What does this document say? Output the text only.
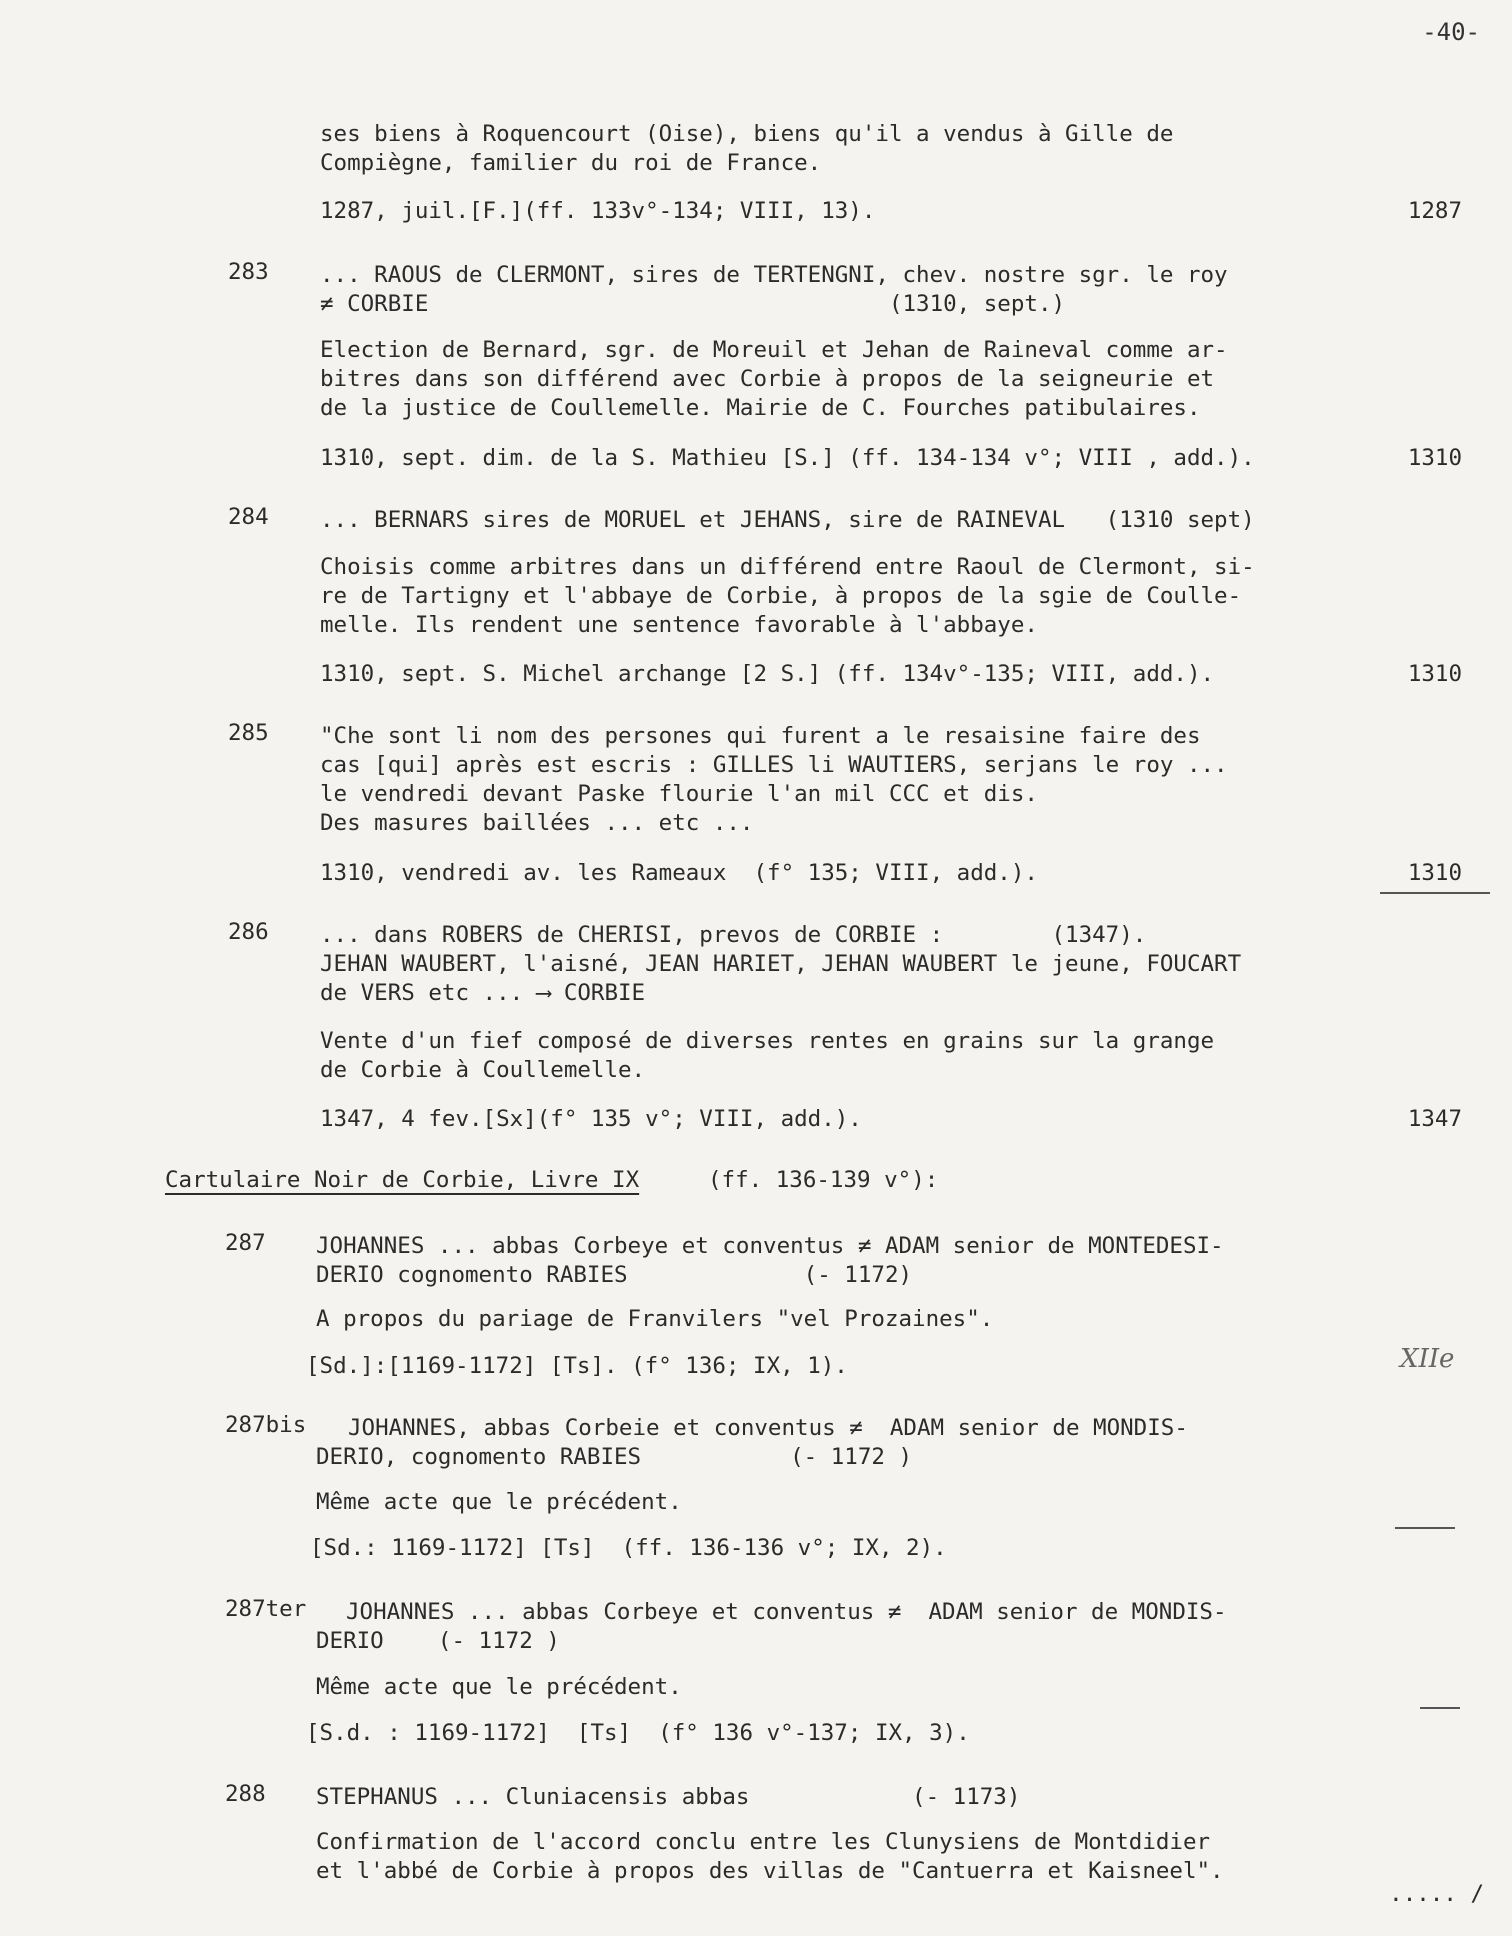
-40-
ses biens à Roquencourt (Oise), biens qu'il a vendus à Gille de
Compiègne, familier du roi de France.
1287, juil.[F.](ff. 133v°-134; VIII, 13).	1287
283 ... RAOUS de CLERMONT, sires de TERTENGNI, chev. nostre sgr. le roy
≠ CORBIE                                  (1310, sept.)
Election de Bernard, sgr. de Moreuil et Jehan de Raineval comme ar-
bitres dans son différend avec Corbie à propos de la seigneurie et
de la justice de Coullemelle. Mairie de C. Fourches patibulaires.
1310, sept. dim. de la S. Mathieu [S.] (ff. 134-134 v°; VIII , add.).	1310
284 ... BERNARS sires de MORUEL et JEHANS, sire de RAINEVAL   (1310 sept)
Choisis comme arbitres dans un différend entre Raoul de Clermont, si-
re de Tartigny et l'abbaye de Corbie, à propos de la sgie de Coulle-
melle. Ils rendent une sentence favorable à l'abbaye.
1310, sept. S. Michel archange [2 S.] (ff. 134v°-135; VIII, add.).	1310
285 "Che sont li nom des persones qui furent a le resaisine faire des
cas [qui] après est escris : GILLES li WAUTIERS, serjans le roy ...
le vendredi devant Paske flourie l'an mil CCC et dis.
Des masures baillées ... etc ...
1310, vendredi av. les Rameaux  (f° 135; VIII, add.).	1310
286 ... dans ROBERS de CHERISI, prevos de CORBIE :        (1347).
JEHAN WAUBERT, l'aisné, JEAN HARIET, JEHAN WAUBERT le jeune, FOUCART
de VERS etc ... ⟶ CORBIE
Vente d'un fief composé de diverses rentes en grains sur la grange
de Corbie à Coullemelle.
1347, 4 fev.[Sx](f° 135 v°; VIII, add.).	1347
Cartulaire Noir de Corbie, Livre IX	(ff. 136-139 v°):
287 JOHANNES ... abbas Corbeye et conventus ≠ ADAM senior de MONTEDESI-
DERIO cognomento RABIES             (- 1172)
A propos du pariage de Franvilers "vel Prozaines".
[Sd.]:[1169-1172] [Ts]. (f° 136; IX, 1).	XIIe
287bis JOHANNES, abbas Corbeie et conventus ≠  ADAM senior de MONDIS-
DERIO, cognomento RABIES           (- 1172 )
Même acte que le précédent.
[Sd.: 1169-1172] [Ts]  (ff. 136-136 v°; IX, 2).
287ter JOHANNES ... abbas Corbeye et conventus ≠  ADAM senior de MONDIS-
DERIO    (- 1172 )
Même acte que le précédent.
[S.d. : 1169-1172]  [Ts]  (f° 136 v°-137; IX, 3).
288 STEPHANUS ... Cluniacensis abbas            (- 1173)
Confirmation de l'accord conclu entre les Clunysiens de Montdidier
et l'abbé de Corbie à propos des villas de "Cantuerra et Kaisneel".
..... /
